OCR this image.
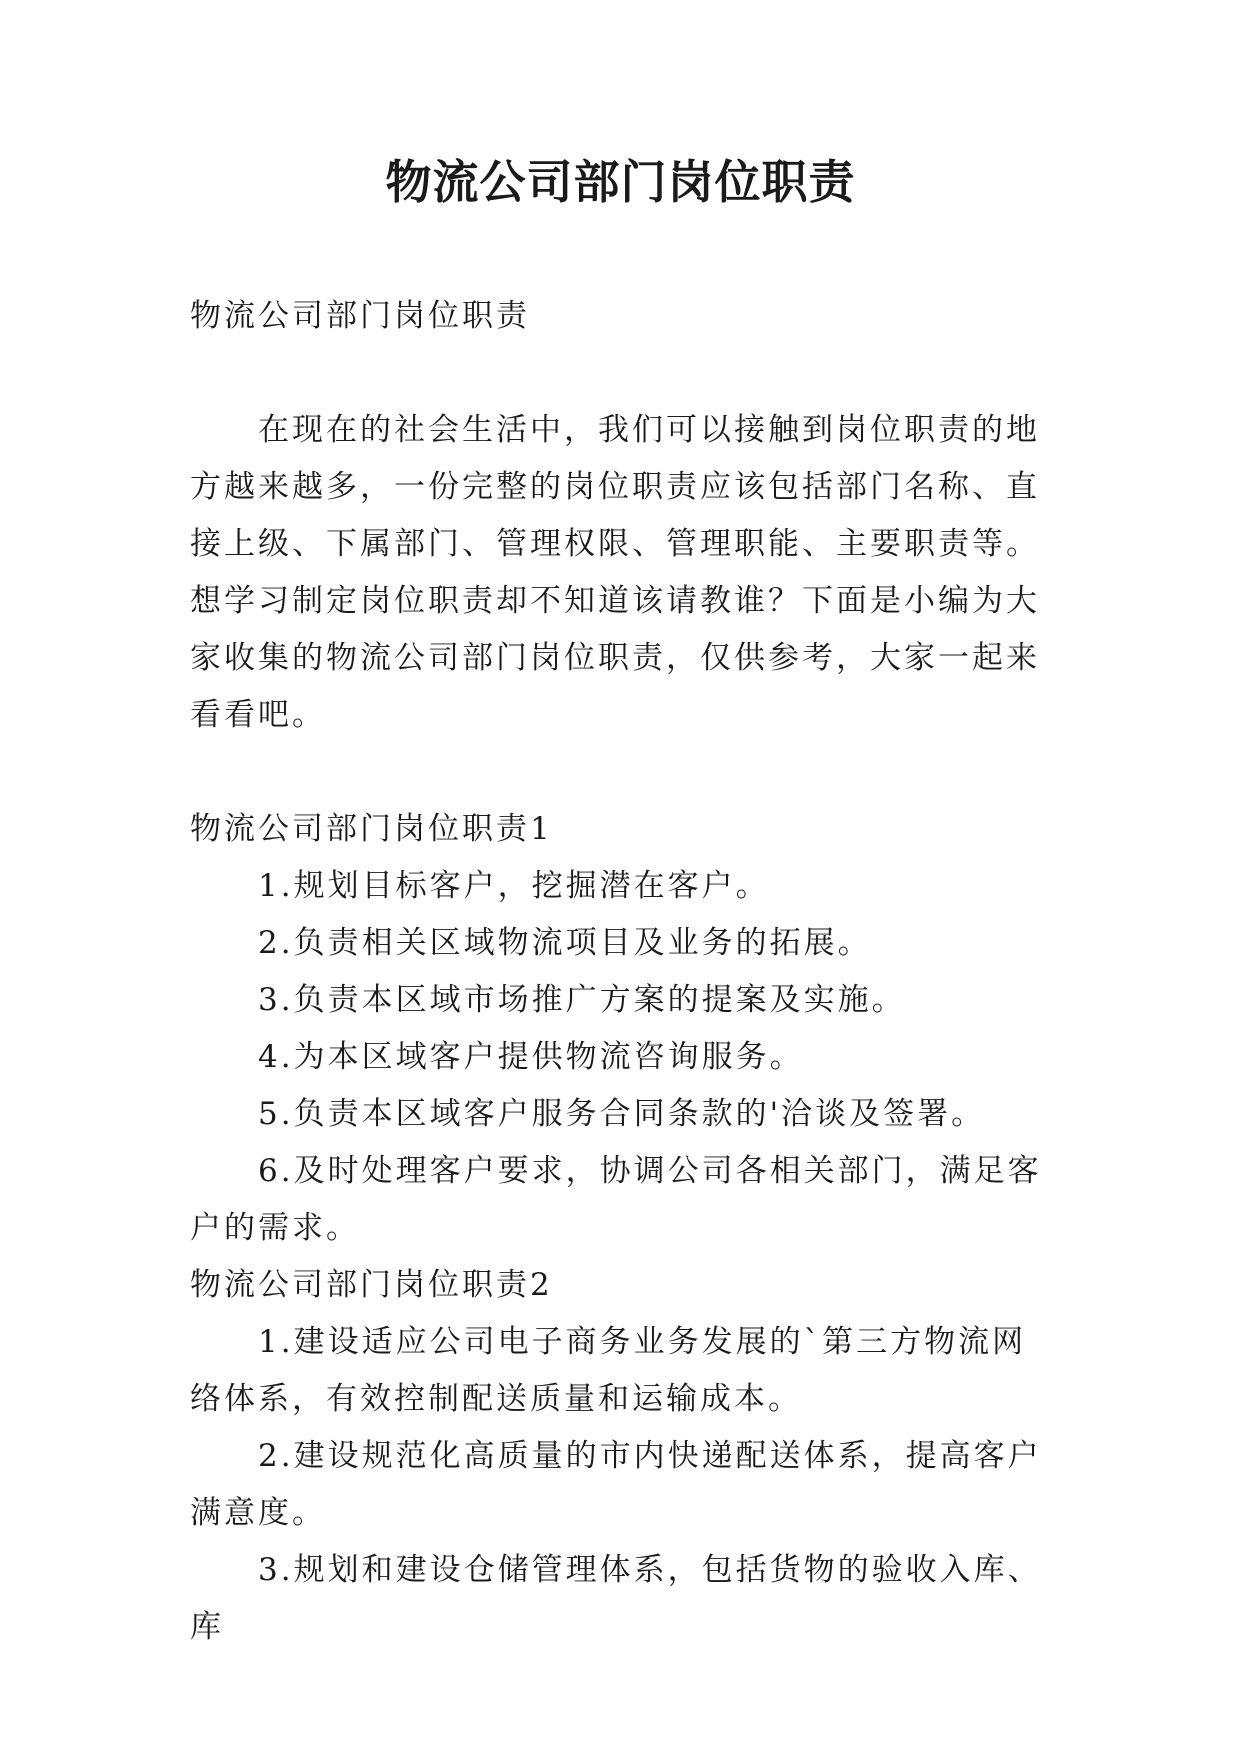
物流公司部门岗位职责

物流公司部门岗位职责

在现在的社会生活中，我们可以接触到岗位职责的地方越来越多，一份完整的岗位职责应该包括部门名称、直接上级、下属部门、管理权限、管理职能、主要职责等。想学习制定岗位职责却不知道该请教谁？下面是小编为大家收集的物流公司部门岗位职责，仅供参考，大家一起来看看吧。

物流公司部门岗位职责1

1.规划目标客户，挖掘潜在客户。

2.负责相关区域物流项目及业务的拓展。

3.负责本区域市场推广方案的提案及实施。

4.为本区域客户提供物流咨询服务。

5.负责本区域客户服务合同条款的'洽谈及签署。

6.及时处理客户要求，协调公司各相关部门，满足客户的需求。

物流公司部门岗位职责2

1.建设适应公司电子商务业务发展的`第三方物流网络体系，有效控制配送质量和运输成本。

2.建设规范化高质量的市内快递配送体系，提高客户满意度。

3.规划和建设仓储管理体系，包括货物的验收入库、库
